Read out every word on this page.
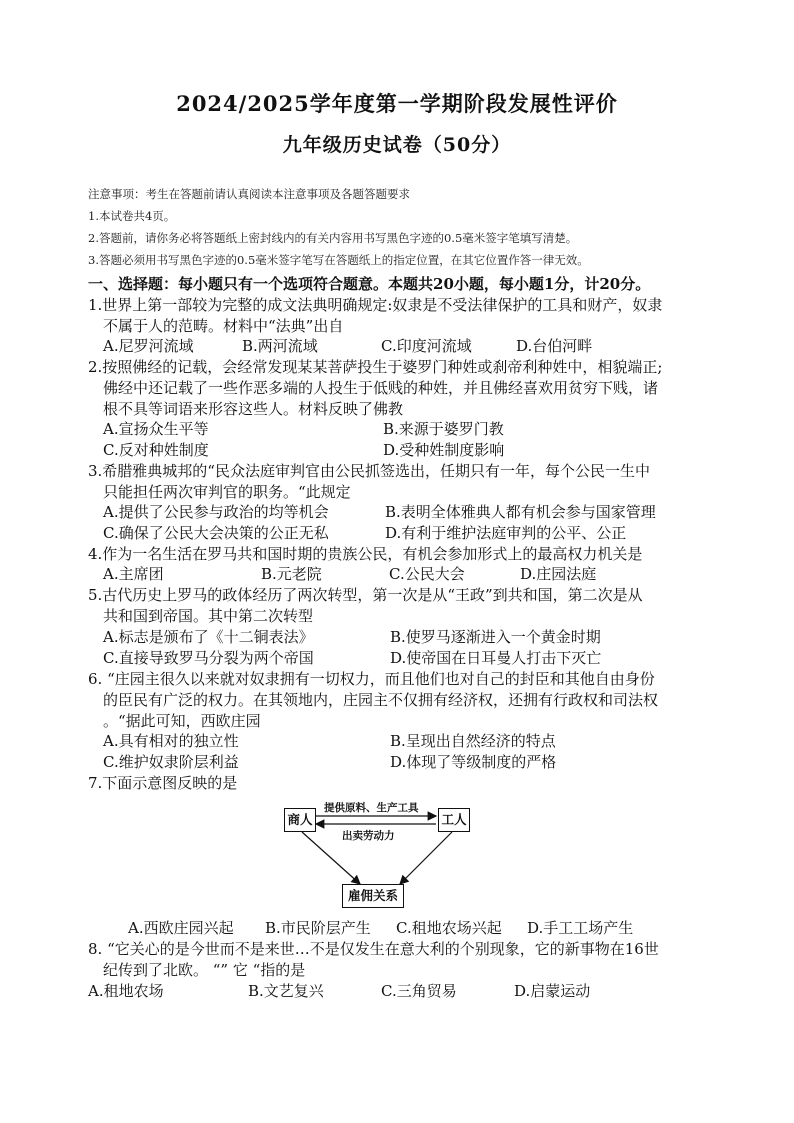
2024/2025学年度第一学期阶段发展性评价
九年级历史试卷（50分）
注意事项：考生在答题前请认真阅读本注意事项及各题答题要求
1.本试卷共4页。
2.答题前，请你务必将答题纸上密封线内的有关内容用书写黑色字迹的0.5毫米签字笔填写清楚。
3.答题必须用书写黑色字迹的0.5毫米签字笔写在答题纸上的指定位置，在其它位置作答一律无效。
一、选择题：每小题只有一个选项符合题意。本题共20小题，每小题1分，计20分。
1.世界上第一部较为完整的成文法典明确规定:奴隶是不受法律保护的工具和财产，奴隶
不属于人的范畴。材料中“法典”出自
A.尼罗河流域	B.两河流域	C.印度河流域	D.台伯河畔
2.按照佛经的记载，会经常发现某某菩萨投生于婆罗门种姓或刹帝利种姓中，相貌端正;
佛经中还记载了一些作恶多端的人投生于低贱的种姓，并且佛经喜欢用贫穷下贱，诸
根不具等词语来形容这些人。材料反映了佛教
A.宣扬众生平等	B.来源于婆罗门教
C.反对种姓制度	D.受种姓制度影响
3.希腊雅典城邦的“民众法庭审判官由公民抓签选出，任期只有一年，每个公民一生中
只能担任两次审判官的职务。“此规定
A.提供了公民参与政治的均等机会	B.表明全体雅典人都有机会参与国家管理
C.确保了公民大会决策的公正无私	D.有利于维护法庭审判的公平、公正
4.作为一名生活在罗马共和国时期的贵族公民，有机会参加形式上的最高权力机关是
A.主席团	B.元老院	C.公民大会	D.庄园法庭
5.古代历史上罗马的政体经历了两次转型，第一次是从“王政”到共和国，第二次是从
共和国到帝国。其中第二次转型
A.标志是颁布了《十二铜表法》	B.使罗马逐渐进入一个黄金时期
C.直接导致罗马分裂为两个帝国	D.使帝国在日耳曼人打击下灭亡
6. “庄园主很久以来就对奴隶拥有一切权力，而且他们也对自己的封臣和其他自由身份
的臣民有广泛的权力。在其领地内，庄园主不仅拥有经济权，还拥有行政权和司法权
。“据此可知，西欧庄园
A.具有相对的独立性	B.呈现出自然经济的特点
C.维护奴隶阶层利益	D.体现了等级制度的严格
7.下面示意图反映的是
商人	工人
雇佣关系
提供原料、生产工具
出卖劳动力
A.西欧庄园兴起 B.市民阶层产生 C.租地农场兴起 D.手工工场产生
8. “它关心的是今世而不是来世…不是仅发生在意大利的个别现象，它的新事物在16世
纪传到了北欧。 “” 它 “指的是
A.租地农场	B.文艺复兴	C.三角贸易	D.启蒙运动
